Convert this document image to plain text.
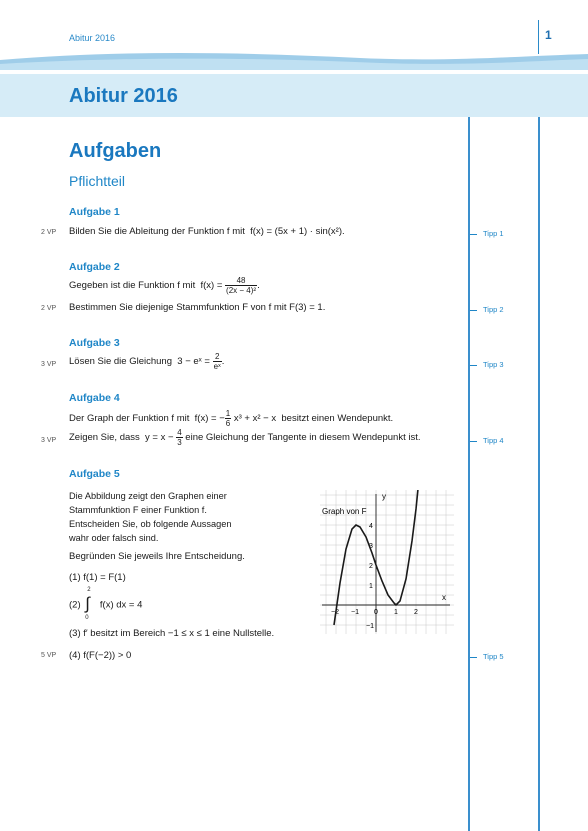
Abitur 2016	1
Abitur 2016
Aufgaben
Pflichtteil
Aufgabe 1
2 VP Bilden Sie die Ableitung der Funktion f mit f(x) = (5x + 1) · sin(x²).	Tipp 1
Aufgabe 2
Gegeben ist die Funktion f mit $f(x) = \frac{48}{\text{(2x − 4)²}}$ .
2 VP Bestimmen Sie diejenige Stammfunktion F von f mit F(3) = 1.	Tipp 2
Aufgabe 3
3 VP Lösen Sie die Gleichung 3 − eˣ = $\frac{2}{\text{eˣ}}$ .	Tipp 3
Aufgabe 4
Der Graph der Funktion f mit f(x) = − $\frac{1}{6} x^3 + x^2 - x$ besitzt einen Wendepunkt.
3 VP Zeigen Sie, dass $y = x - \frac{4}{3}$ eine Gleichung der Tangente in diesem Wendepunkt ist.	Tipp 4
Aufgabe 5
Die Abbildung zeigt den Graphen einer
Stammfunktion F einer Funktion f.
Entscheiden Sie, ob folgende Aussagen
wahr oder falsch sind.
Begründen Sie jeweils Ihre Entscheidung.
(1) f(1) = F(1)
(2)
2
∫
0
f(x) dx = 4
(3) f′ besitzt im Bereich −1 ≤ x ≤ 1 eine Nullstelle.
5 VP (4) f(F(−2)) > 0	Tipp 5
−2 −1 0 1 2
4
3
2
1
−1
Graph von F
x
y
